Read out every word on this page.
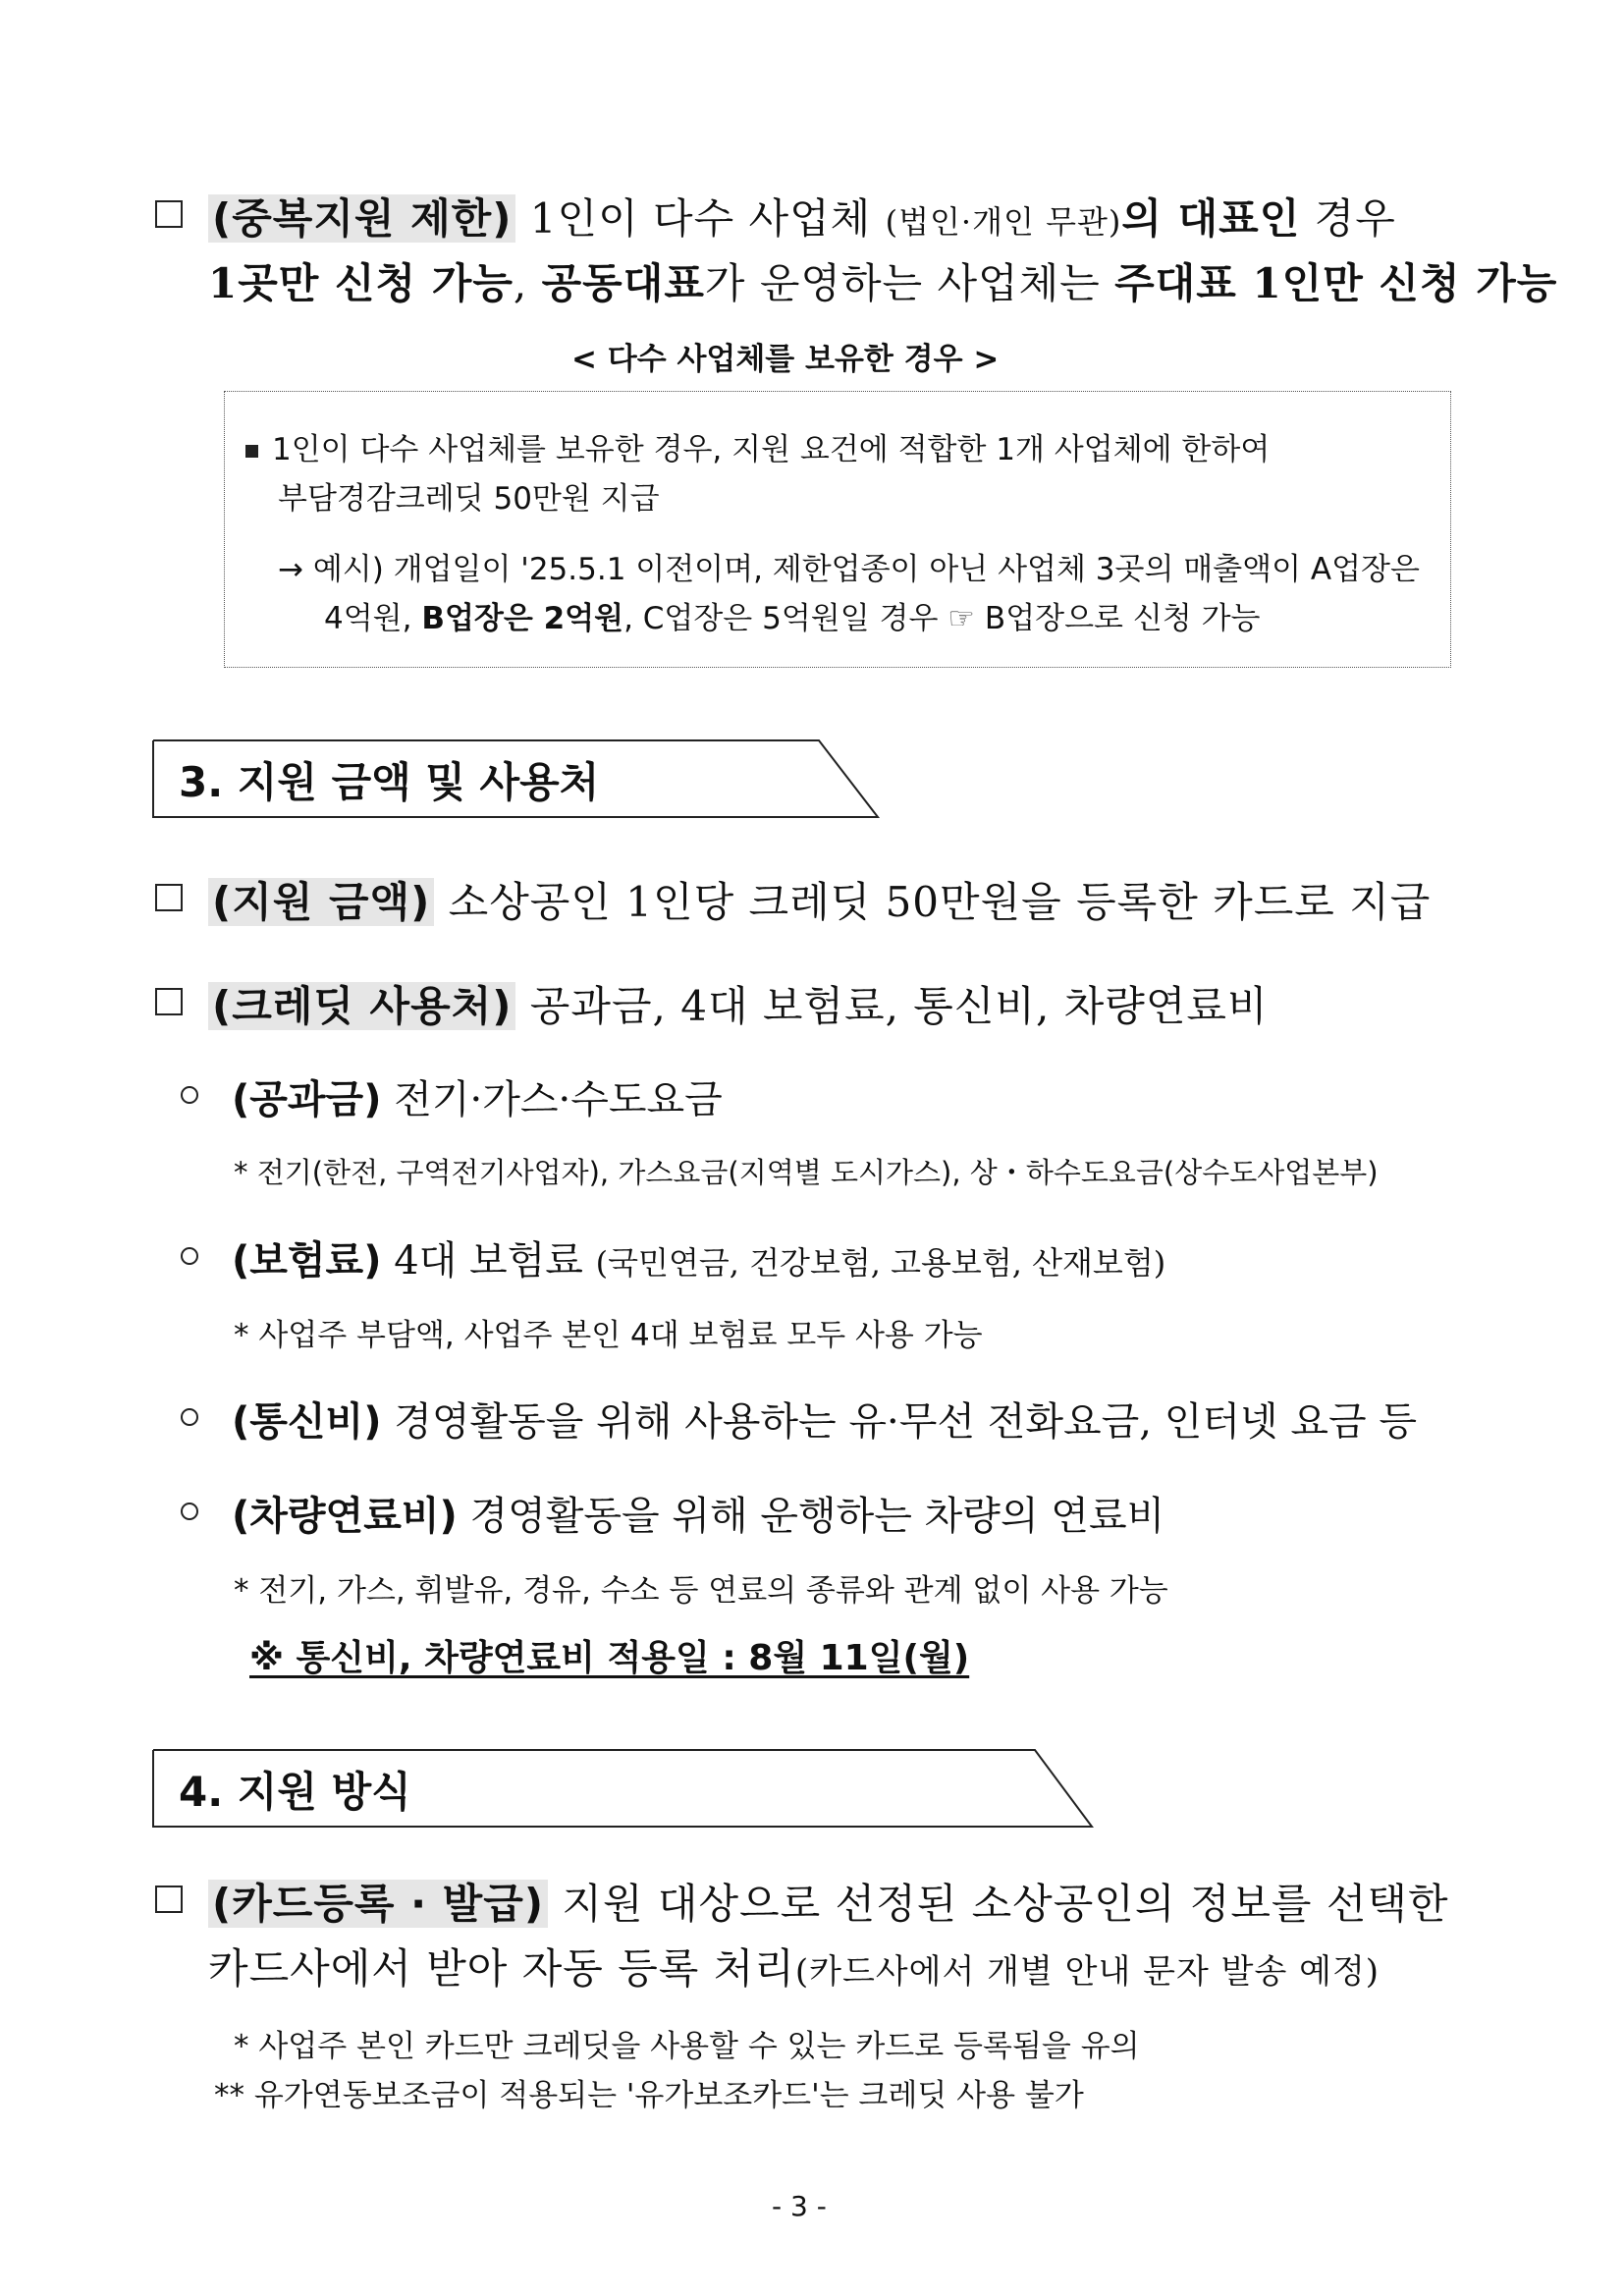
(중복지원 제한) 1인이 다수 사업체 (법인·개인 무관)의 대표인 경우
1곳만 신청 가능, 공동대표가 운영하는 사업체는 주대표 1인만 신청 가능
< 다수 사업체를 보유한 경우 >
1인이 다수 사업체를 보유한 경우, 지원 요건에 적합한 1개 사업체에 한하여
부담경감크레딧 50만원 지급
→ 예시) 개업일이 '25.5.1 이전이며, 제한업종이 아닌 사업체 3곳의 매출액이 A업장은
4억원, B업장은 2억원, C업장은 5억원일 경우 ☞ B업장으로 신청 가능
3. 지원 금액 및 사용처
(지원 금액) 소상공인 1인당 크레딧 50만원을 등록한 카드로 지급
(크레딧 사용처) 공과금, 4대 보험료, 통신비, 차량연료비
(공과금) 전기·가스·수도요금
* 전기(한전, 구역전기사업자), 가스요금(지역별 도시가스), 상・하수도요금(상수도사업본부)
(보험료) 4대 보험료 (국민연금, 건강보험, 고용보험, 산재보험)
* 사업주 부담액, 사업주 본인 4대 보험료 모두 사용 가능
(통신비) 경영활동을 위해 사용하는 유·무선 전화요금, 인터넷 요금 등
(차량연료비) 경영활동을 위해 운행하는 차량의 연료비
* 전기, 가스, 휘발유, 경유, 수소 등 연료의 종류와 관계 없이 사용 가능
※ 통신비, 차량연료비 적용일 : 8월 11일(월)
4. 지원 방식
(카드등록 · 발급) 지원 대상으로 선정된 소상공인의 정보를 선택한
카드사에서 받아 자동 등록 처리(카드사에서 개별 안내 문자 발송 예정)
* 사업주 본인 카드만 크레딧을 사용할 수 있는 카드로 등록됨을 유의
** 유가연동보조금이 적용되는 '유가보조카드'는 크레딧 사용 불가
- 3 -
